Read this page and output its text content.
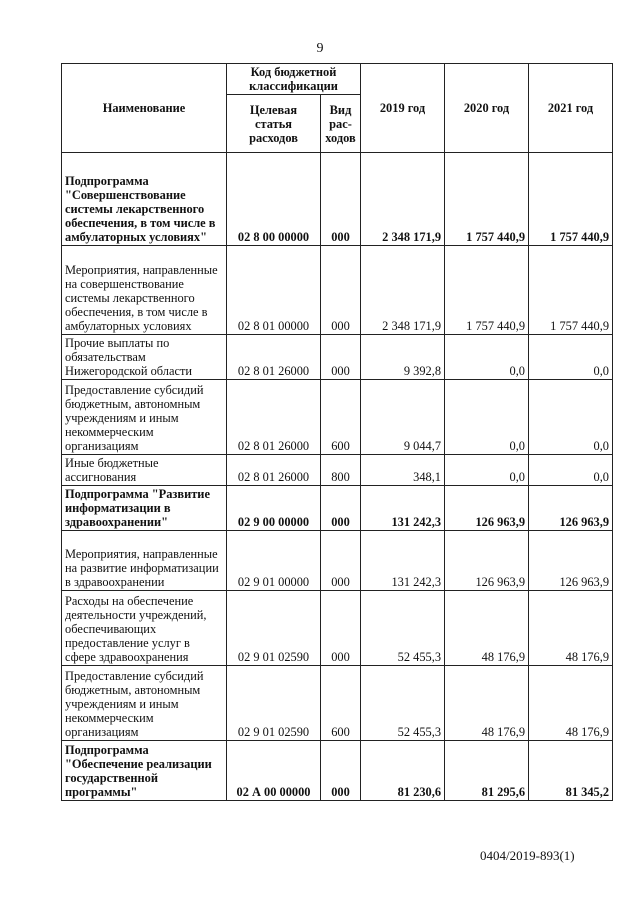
9
Наименование	Код бюджетной классификации		2019 год	2020 год	2021 год
	Целевая статья расходов	Вид рас-ходов			
Подпрограмма "Совершенствование системы лекарственного обеспечения, в том числе в амбулаторных условиях"	02 8 00 00000	000	2 348 171,9	1 757 440,9	1 757 440,9
Мероприятия, направленные на совершенствование системы лекарственного обеспечения, в том числе в амбулаторных условиях	02 8 01 00000	000	2 348 171,9	1 757 440,9	1 757 440,9
Прочие выплаты по обязательствам Нижегородской области	02 8 01 26000	000	9 392,8	0,0	0,0
Предоставление субсидий бюджетным, автономным учреждениям и иным некоммерческим организациям	02 8 01 26000	600	9 044,7	0,0	0,0
Иные бюджетные ассигнования	02 8 01 26000	800	348,1	0,0	0,0
Подпрограмма "Развитие информатизации в здравоохранении"	02 9 00 00000	000	131 242,3	126 963,9	126 963,9
Мероприятия, направленные на развитие информатизации в здравоохранении	02 9 01 00000	000	131 242,3	126 963,9	126 963,9
Расходы на обеспечение деятельности учреждений, обеспечивающих предоставление услуг в сфере здравоохранения	02 9 01 02590	000	52 455,3	48 176,9	48 176,9
Предоставление субсидий бюджетным, автономным учреждениям и иным некоммерческим организациям	02 9 01 02590	600	52 455,3	48 176,9	48 176,9
Подпрограмма "Обеспечение реализации государственной программы"	02 А 00 00000	000	81 230,6	81 295,6	81 345,2
0404/2019-893(1)
